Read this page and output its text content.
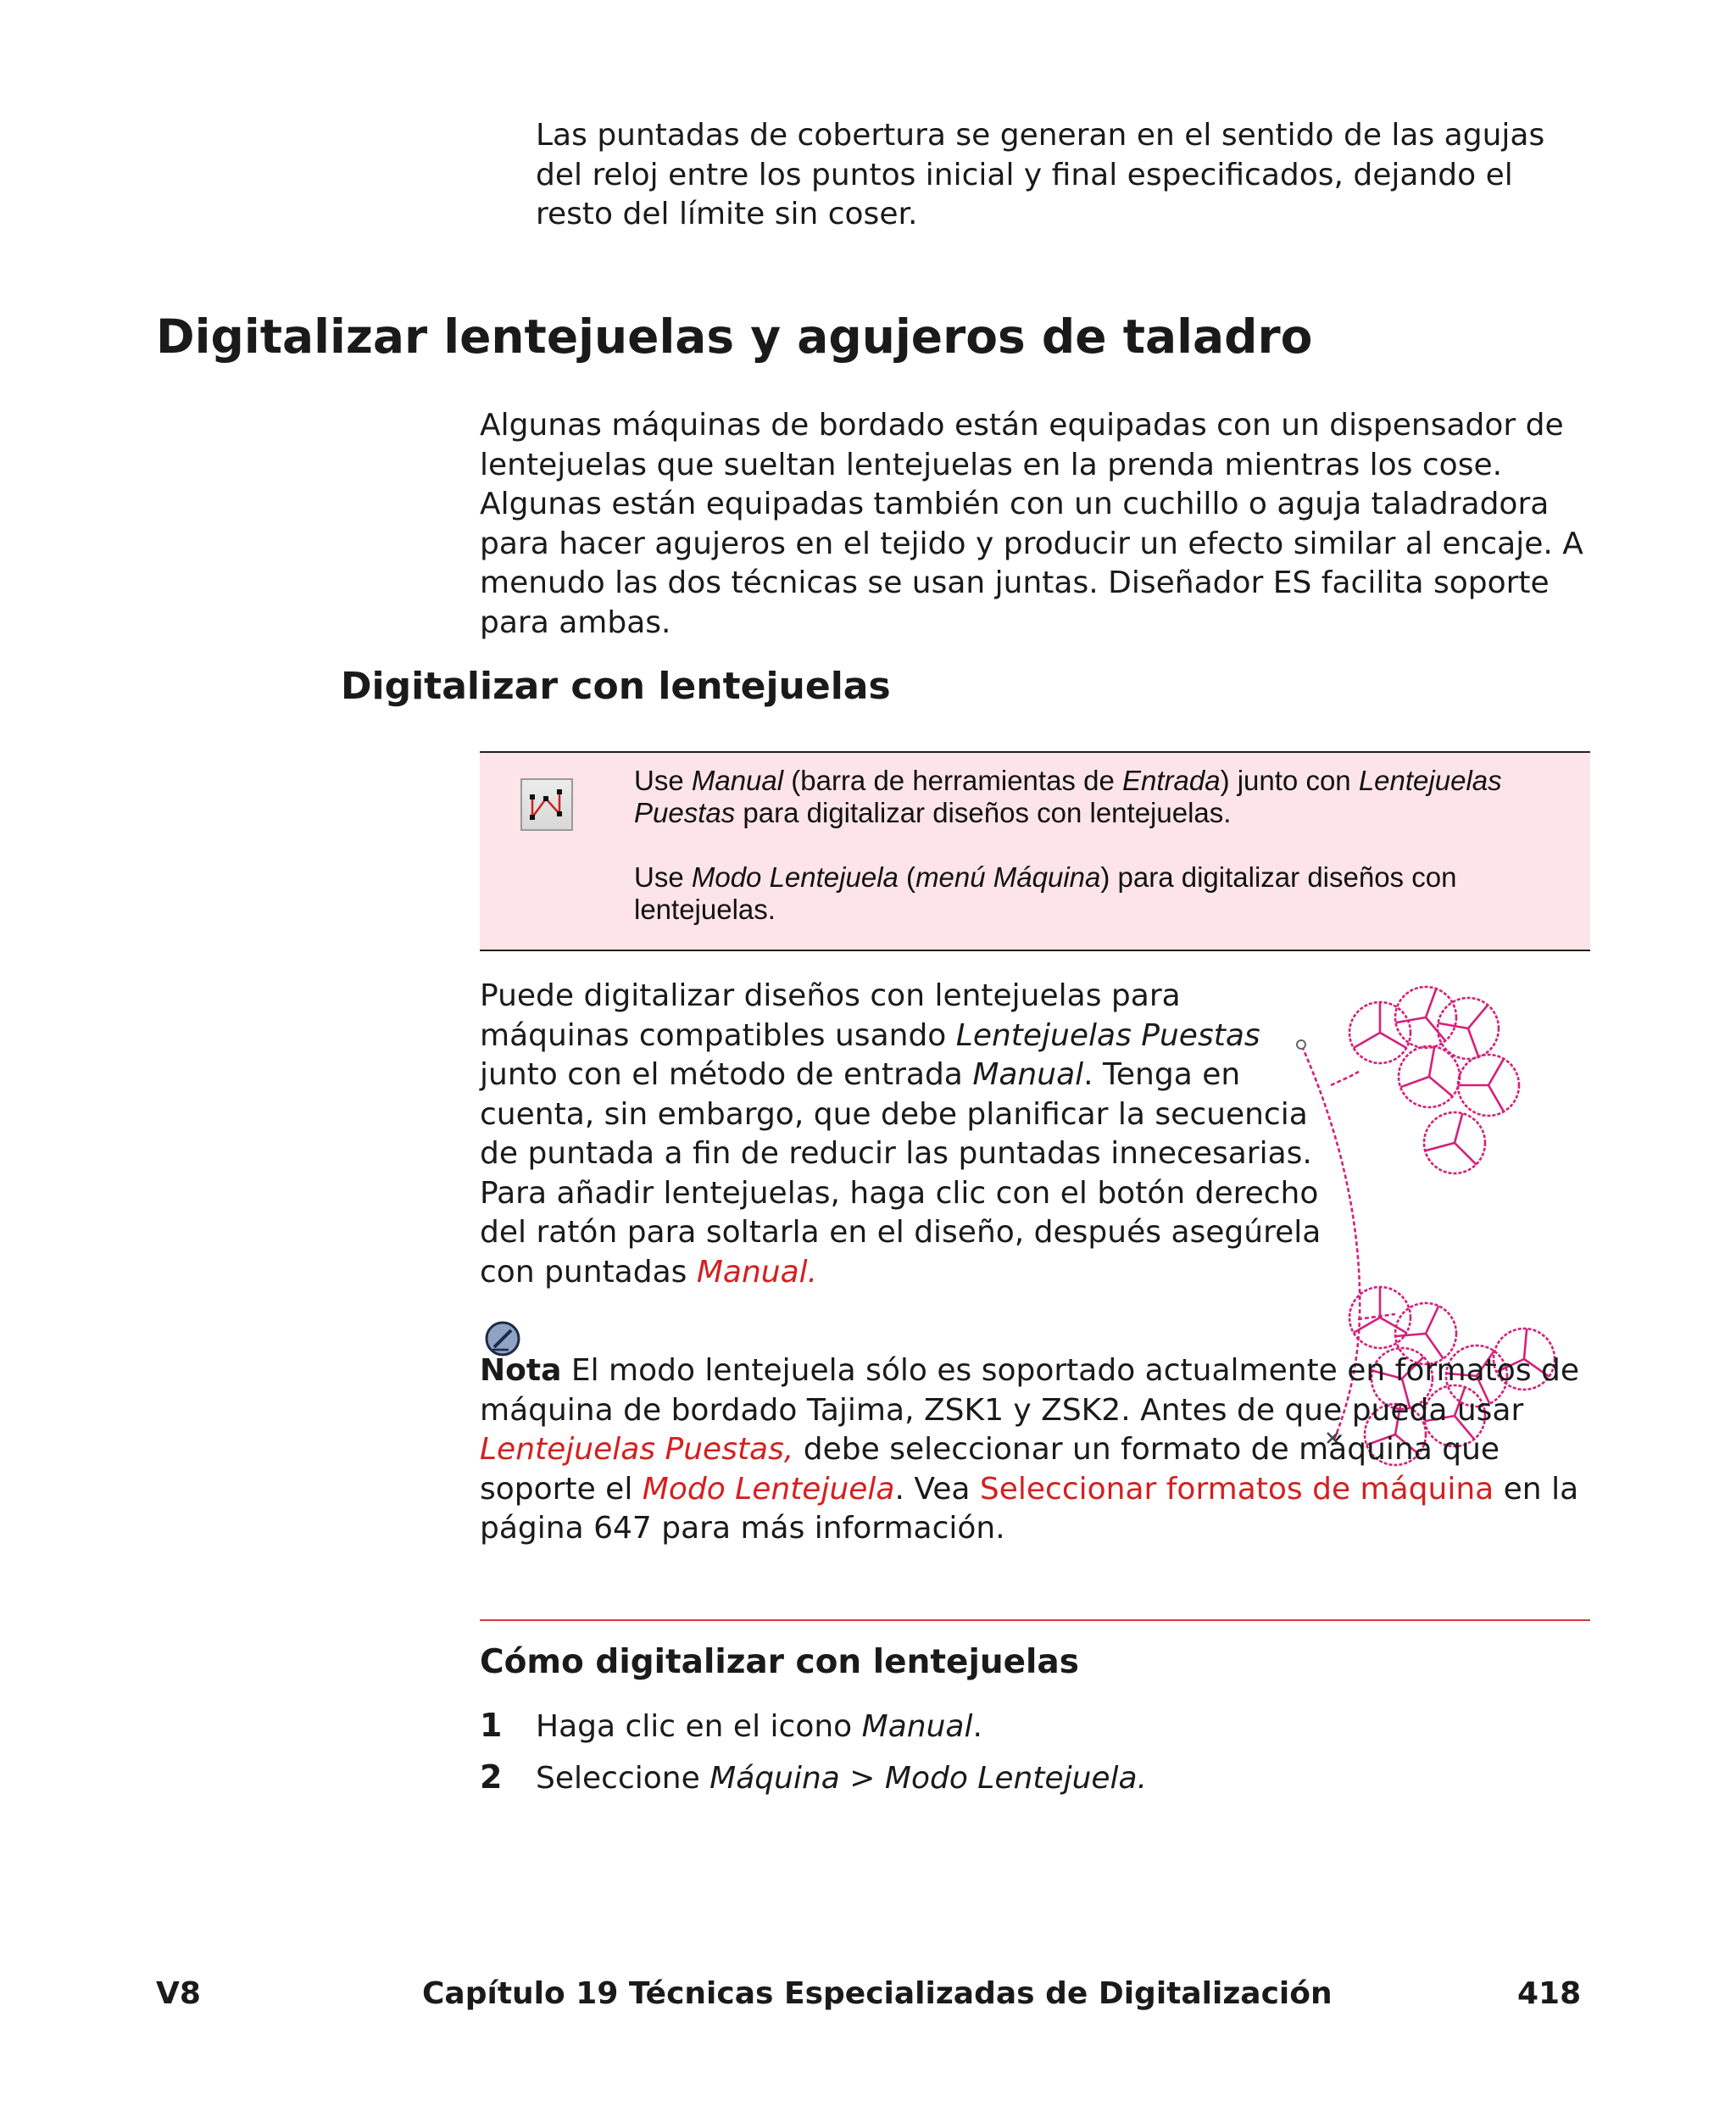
Las puntadas de cobertura se generan en el sentido de las agujas del reloj entre los puntos inicial y final especificados, dejando el resto del límite sin coser.
Digitalizar lentejuelas y agujeros de taladro
Algunas máquinas de bordado están equipadas con un dispensador de lentejuelas que sueltan lentejuelas en la prenda mientras los cose. Algunas están equipadas también con un cuchillo o aguja taladradora para hacer agujeros en el tejido y producir un efecto similar al encaje. A menudo las dos técnicas se usan juntas. Diseñador ES facilita soporte para ambas.
Digitalizar con lentejuelas
Use Manual (barra de herramientas de Entrada) junto con Lentejuelas Puestas para digitalizar diseños con lentejuelas.
Use Modo Lentejuela (menú Máquina) para digitalizar diseños con lentejuelas.
Puede digitalizar diseños con lentejuelas para máquinas compatibles usando Lentejuelas Puestas junto con el método de entrada Manual. Tenga en cuenta, sin embargo, que debe planificar la secuencia de puntada a fin de reducir las puntadas innecesarias. Para añadir lentejuelas, haga clic con el botón derecho del ratón para soltarla en el diseño, después asegúrela con puntadas Manual.
Nota El modo lentejuela sólo es soportado actualmente en formatos de máquina de bordado Tajima, ZSK1 y ZSK2. Antes de que pueda usar Lentejuelas Puestas, debe seleccionar un formato de máquina que soporte el Modo Lentejuela. Vea Seleccionar formatos de máquina en la página 647 para más información.
Cómo digitalizar con lentejuelas
1 Haga clic en el icono Manual.
2 Seleccione Máquina > Modo Lentejuela.
V8	Capítulo 19 Técnicas Especializadas de Digitalización	418
